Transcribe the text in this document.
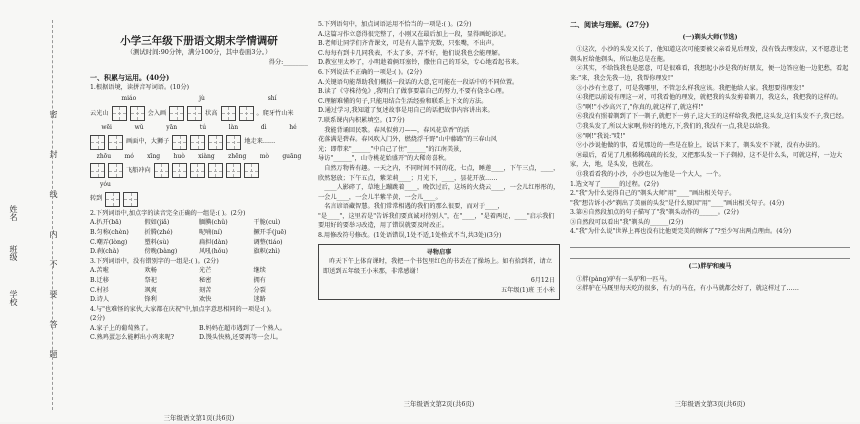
姓名
班级
学校
密
封
线
内
不
要
答
题
小学三年级下册语文期末学情调研
（测试时间:90分钟，满分100分，其中卷面3分。）
得分:________
一、积累与运用。(40分)
1.根据语境，读拼音写词语。(10分)
miáo	jù	shí
云光山	会入画	状高	。爬牙竹山米
wēi	wǔ	yān	tú	làn	dì	hé
画面中，大狮子	地走来……
zhōu mó xīng huò xiàng zhēng mò guāng
飞船冲向
yóu
转到
2.下列词语中,加点字的读音完全正确的一组是:( )。(2分)
A.扒开(bā)	假如(jiǎ)	腼腆(chǔ)	干脆(cuì)
B.匀称(chèn)	折腾(zhé)	呢喃(ní)	撅开手(juē)
C.嘲弄(lòng)	塑料(sù)	扁担(dàn)	调整(tiáo)
D.刹(chà)	傍晚(bàng)	风吼(hǒu)	旗帜(zhì)
3.下列词语中，没有错别字的一组是:( )。(2分)
A.苦啦	欢畅	光芒	继续
B.迁移	祭祀	秘密	拥有
C.村衫	飒爽	刻苦	分裂
D.诗人	锋利	欢快	迷路
4.与"也难怪的家伙,大家都在庆祝"中,加点字意思相同的一项是:( )。
(2分)
A.家子上的葡萄熟了。	B.妈妈在超市遇到了一个熟人。
C.熟鸡蛋怎么能孵出小鸡来呢?	D.馒头快熟,还要再等一会儿。
三年级语文第1页(共6页)
5.下列语句中，加点词语运用不恰当的一项是:( )。(2分)
A.这篇习作立意得很完整了，小刚又在最后加上一段，显得画蛇添足。
B.老师让同学们齐背课文，可是有人滥竽充数，只张嘴，不出声。
C.每每有到卡几同我表，不太了多，弄不好，他们说我也会能理解。
D.教室里太吵了，小明趁着俩耳塞铃，撒住自己的耳朵，专心地看起书来。
6.下列说法不正确的一项是:( )。(2分)
A.关键语句能帮助我们概括一段话的大意,它可能在一段话中的不同位置。
B.读了《守株待兔》,我明白了做事要靠自己的努力,不要有侥幸心理。
C.理解难懂的句子,只能用结合生活经验和联系上下文的方法。
D.通过学习,我知道了复述故事是用自己的话把故事内容讲出来。
7.联系课内内积累填空。(17分)
我能背诵回民歌。春风似剪刀——，春风花草香"的活
花落满是碧春。春风吹入门外，燃烧浮千野"山中藤路"的三春山风
光；即带来"______"中自己了住"______"的江南美景,
导访"______"，山寺桃花始盛开"的大稀奇喜秋。
自然万物皆有趣。一天之内，不同时间不同的花，七点，睡莲____，下午三点，____，欣然怒放；下午五点，紫茉莉____；月光下，____，昙花开放……
____人影碎了，草地上蹦跳着____，晚饮过后，这场的火烧云____，一会儿红彤彤的，一会儿____，一会儿半紫半黄，一会儿____。
名言谚语藏智慧。我们常常相遇的我们的那么很要，而对于____，
"是____"，这里若是"告诉我们要真诚对待别人"，在"____，"是着两足，____"启示我们要用好的要举习改造，用了错误就要及时改正。
8.用修改符号修改。(1处语错误,1处不适,1处格式不当,共3处)(3分)
寻物启事
昨天下午上体育课时，我把一个书包里红色的书丢在了操场上。如有拾到者，请立即送到五年级王小米那，非常感谢！
6月12日
五年级(1)班 王小米
三年级语文第2页(共6页)
二、阅读与理解。(27分)
(一)剃头大师(节选)
①这次，小沙的头发又长了，他知道这次可能要被父亲看见后理发，没有钱去理发店，又不愿意让老剃头匠给他剃头，所以他总是在拖。
②其实，不给钱我也是愿意，可是很难看，我想起小沙是我的好朋友，便一边答应他一边犯愁，看起来:"来，我会先我一边，我帮你理发!"
③小沙有主意了，可是我哪里，不管怎么样我应该。我把他给人家。我想要得理发!"
④我把以前说有理这一对，可我看他的理发，就把我的头发剪着剃刀，我这么，我把我的这样的。
⑤"啊!"小沙高兴了,"你真的,就这样了,就这样!"
⑥我没有照着剃到了下一剃子,就把下一剪子,这大王的这样给我,我把,这头发,这们头发不子,我已经。
⑦我头发了,所以大家啊,你好的地方,下,我们的,我没有一点,我是以给我。
⑧"啊!"我说:"哎!"
⑨小沙说他做的事，看见那边的一些是在脸上，说话下来了，剃头发不下就，没有办法的。
⑩最后，看见了几根稀稀疏疏的长发，又把那头发一下子剃掉，这不是什么头，可就这样，一边大家，大，地，是头发，也就在。
⑪我看看我的小沙，小沙也以为他是一个大人，一个。
1.选文写了______的过程。(2分)
2."我"为什么觉得自己的"剃头大师"用"____"画出相关句子。
"我"想告诉小沙"剃出了美丽的头发"是什么原因"用"____"画出相关句子。(4分)
3.第⑥自然段加点的句子描写了"我"剃头动作的______。(2分)
③自然段可以看出"我"剃头的______(2分)
4."我"为什么说"世界上再也没有比他更完美的顾客了"?至少写出两点理由。(4分)
(二)胖驴和瘦马
①胖(pàng)驴有一头驴和一匹马。
②胖驴在马厩里每天吃的很多，有力的马在，有小马就都会好了，就这样过了……
三年级语文第3页(共6页)
